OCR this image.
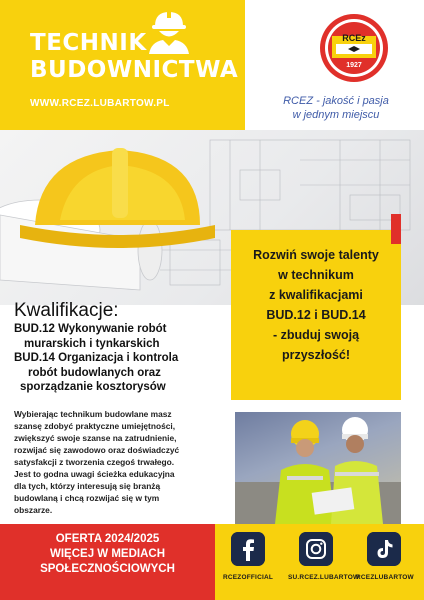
TECHNIK
BUDOWNICTWA
WWW.RCEZ.LUBARTOW.PL
RCEz
1927
RCEZ - jakość i pasja
w jednym miejscu
Rozwiń swoje talenty
w technikum
z kwalifikacjami
BUD.12 i BUD.14
- zbuduj swoją
przyszłość!
Kwalifikacje:
BUD.12 Wykonywanie robót
murarskich i tynkarskich
BUD.14 Organizacja i kontrola
robót budowlanych oraz
sporządzanie kosztorysów
Wybierając technikum budowlane masz
szansę zdobyć praktyczne umiejętności,
zwiększyć swoje szanse na zatrudnienie,
rozwijać się zawodowo oraz doświadczyć
satysfakcji z tworzenia czegoś trwałego.
Jest to godna uwagi ścieżka edukacyjna
dla tych, którzy interesują się branżą
budowlaną i chcą rozwijać się w tym
obszarze.
OFERTA 2024/2025
WIĘCEJ W MEDIACH
SPOŁECZNOŚCIOWYCH
RCEZOFFICIAL	SU.RCEZ.LUBARTOW
RCEZLUBARTOW
